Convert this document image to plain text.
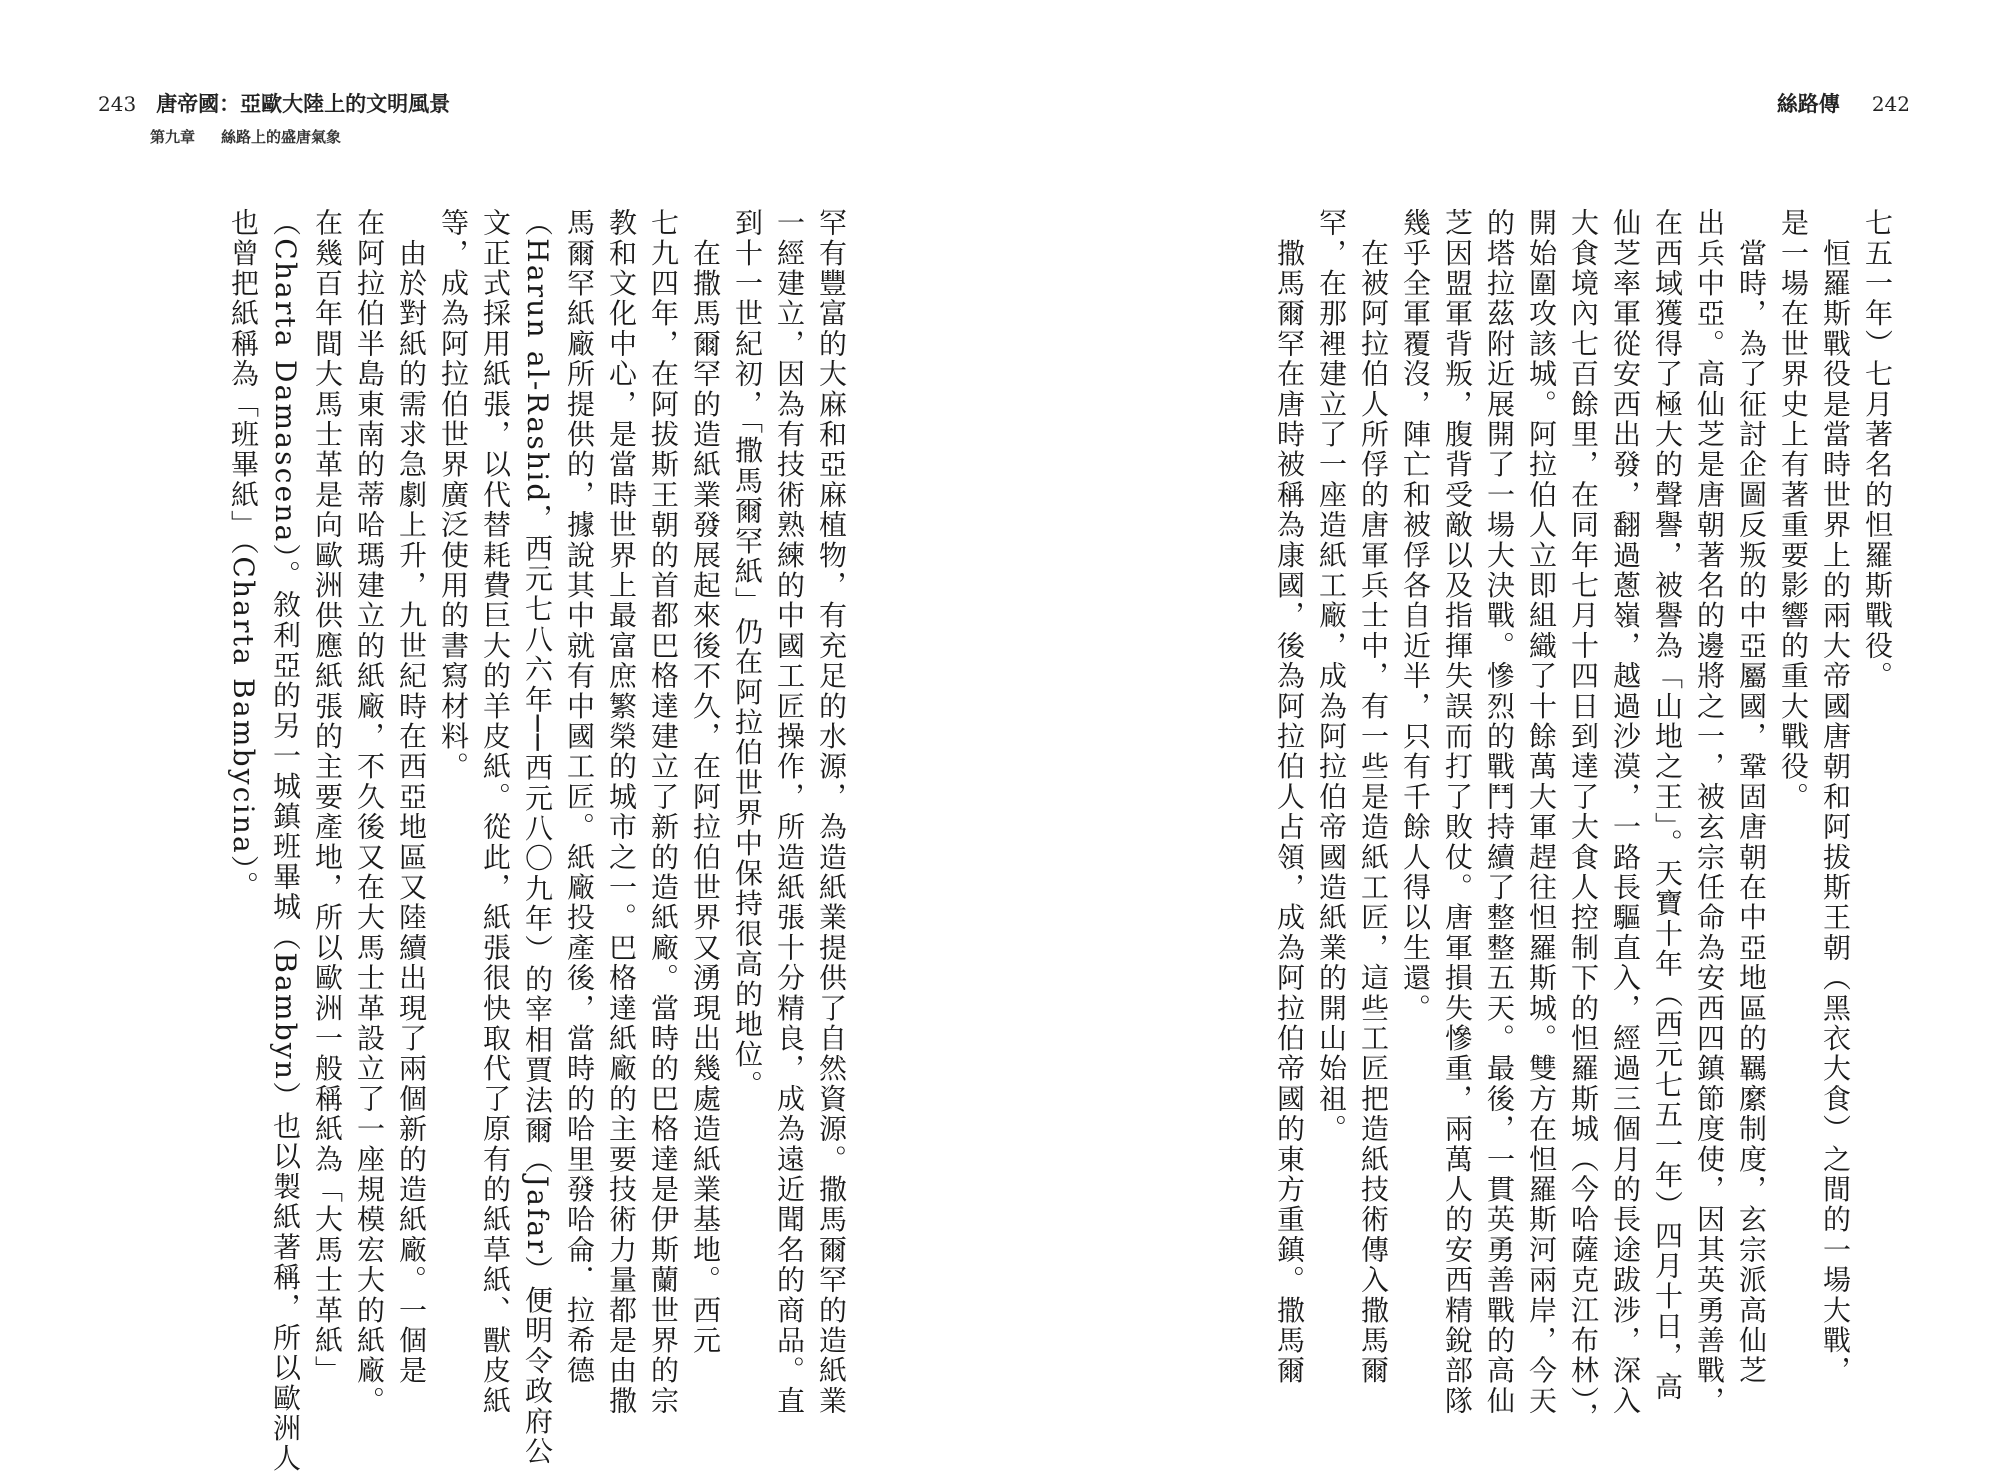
243 唐帝國：亞歐大陸上的文明風景
第九章 絲路上的盛唐氣象
絲路傳 242
七五一年）七月著名的怛羅斯戰役。
　恒羅斯戰役是當時世界上的兩大帝國唐朝和阿拔斯王朝（黑衣大食）之間的一場大戰，
是一場在世界史上有著重要影響的重大戰役。
　當時，為了征討企圖反叛的中亞屬國，鞏固唐朝在中亞地區的羈縻制度，玄宗派高仙芝
出兵中亞。高仙芝是唐朝著名的邊將之一，被玄宗任命為安西四鎮節度使，因其英勇善戰，
在西域獲得了極大的聲譽，被譽為「山地之王」。天寶十年（西元七五一年）四月十日，高
仙芝率軍從安西出發，翻過蔥嶺，越過沙漠，一路長驅直入，經過三個月的長途跋涉，深入
大食境內七百餘里，在同年七月十四日到達了大食人控制下的怛羅斯城（今哈薩克江布林），
開始圍攻該城。阿拉伯人立即組織了十餘萬大軍趕往怛羅斯城。雙方在怛羅斯河兩岸，今天
的塔拉茲附近展開了一場大決戰。慘烈的戰鬥持續了整整五天。最後，一貫英勇善戰的高仙
芝因盟軍背叛，腹背受敵以及指揮失誤而打了敗仗。唐軍損失慘重，兩萬人的安西精銳部隊
幾乎全軍覆沒，陣亡和被俘各自近半，只有千餘人得以生還。
　在被阿拉伯人所俘的唐軍兵士中，有一些是造紙工匠，這些工匠把造紙技術傳入撒馬爾
罕，在那裡建立了一座造紙工廠，成為阿拉伯帝國造紙業的開山始祖。
　撒馬爾罕在唐時被稱為康國，後為阿拉伯人占領，成為阿拉伯帝國的東方重鎮。撒馬爾
罕有豐富的大麻和亞麻植物，有充足的水源，為造紙業提供了自然資源。撒馬爾罕的造紙業
一經建立，因為有技術熟練的中國工匠操作，所造紙張十分精良，成為遠近聞名的商品。直
到十一世紀初，「撒馬爾罕紙」仍在阿拉伯世界中保持很高的地位。
　在撒馬爾罕的造紙業發展起來後不久，在阿拉伯世界又湧現出幾處造紙業基地。西元
七九四年，在阿拔斯王朝的首都巴格達建立了新的造紙廠。當時的巴格達是伊斯蘭世界的宗
教和文化中心，是當時世界上最富庶繁榮的城市之一。巴格達紙廠的主要技術力量都是由撒
馬爾罕紙廠所提供的，據說其中就有中國工匠。紙廠投產後，當時的哈里發哈侖．拉希德
（Harun al-Rashid，西元七八六年──西元八〇九年）的宰相賈法爾（Jafar）便明令政府公
文正式採用紙張，以代替耗費巨大的羊皮紙。從此，紙張很快取代了原有的紙草紙、獸皮紙
等，成為阿拉伯世界廣泛使用的書寫材料。
　由於對紙的需求急劇上升，九世紀時在西亞地區又陸續出現了兩個新的造紙廠。一個是
在阿拉伯半島東南的蒂哈瑪建立的紙廠，不久後又在大馬士革設立了一座規模宏大的紙廠。
在幾百年間大馬士革是向歐洲供應紙張的主要產地，所以歐洲一般稱紙為「大馬士革紙」
（Charta Damascena）。敘利亞的另一城鎮班畢城（Bambyn）也以製紙著稱，所以歐洲人
也曾把紙稱為「班畢紙」（Charta Bambycina）。
